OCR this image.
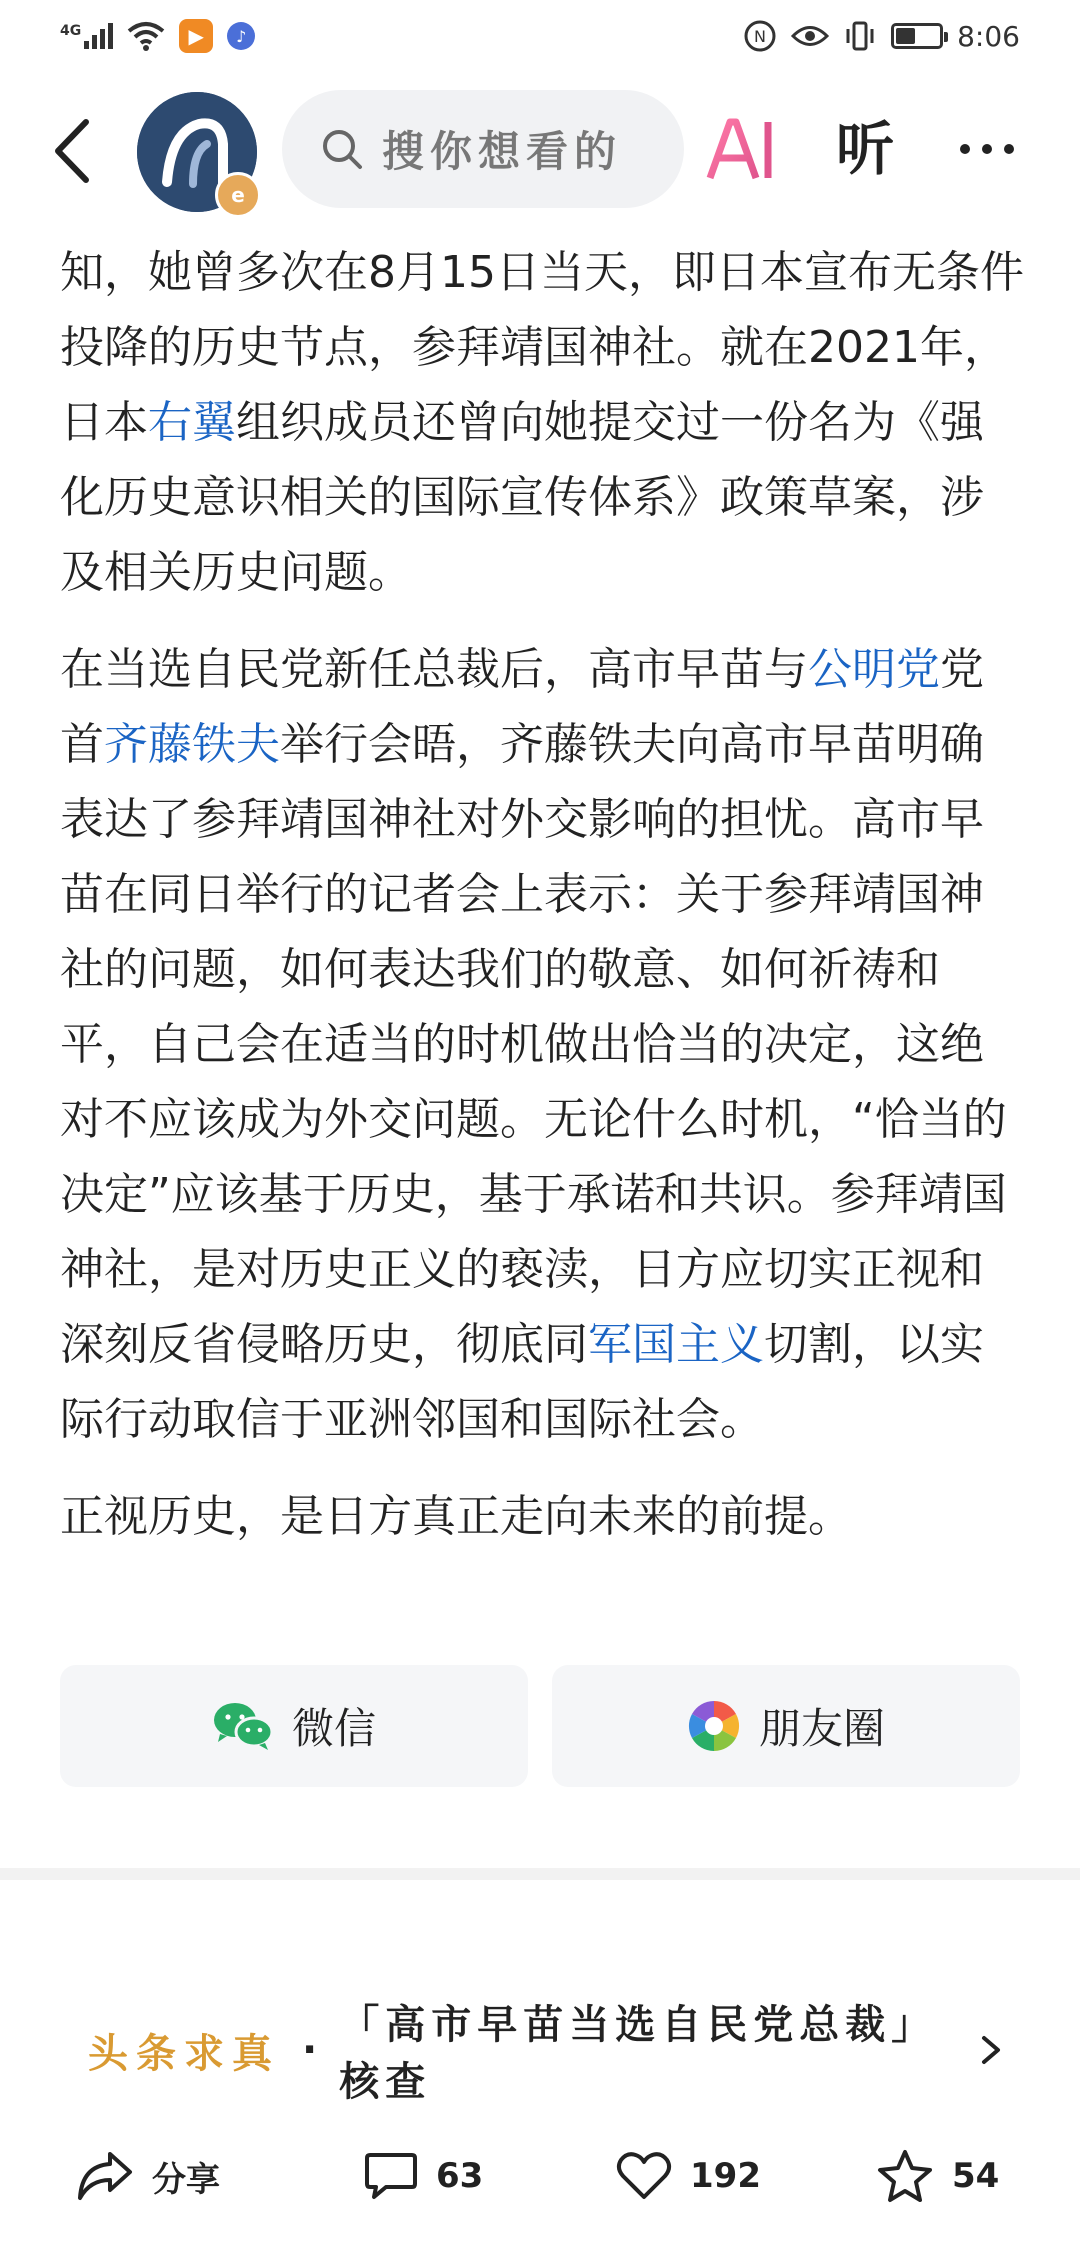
4G	▶	♪	N	8:06
e
搜你想看的	听

知，她曾多次在8月15日当天，即日本宣布无条件投降的历史节点，参拜靖国神社。就在2021年，日本右翼组织成员还曾向她提交过一份名为《强化历史意识相关的国际宣传体系》政策草案，涉及相关历史问题。

在当选自民党新任总裁后，高市早苗与公明党党首齐藤铁夫举行会晤，齐藤铁夫向高市早苗明确表达了参拜靖国神社对外交影响的担忧。高市早苗在同日举行的记者会上表示：关于参拜靖国神社的问题，如何表达我们的敬意、如何祈祷和平，自己会在适当的时机做出恰当的决定，这绝对不应该成为外交问题。无论什么时机，“恰当的决定”应该基于历史，基于承诺和共识。参拜靖国神社，是对历史正义的亵渎，日方应切实正视和深刻反省侵略历史，彻底同军国主义切割，以实际行动取信于亚洲邻国和国际社会。

正视历史，是日方真正走向未来的前提。

微信	朋友圈
头条求真 ·
「高市早苗当选自民党总裁」核查
分享	63	192	54
